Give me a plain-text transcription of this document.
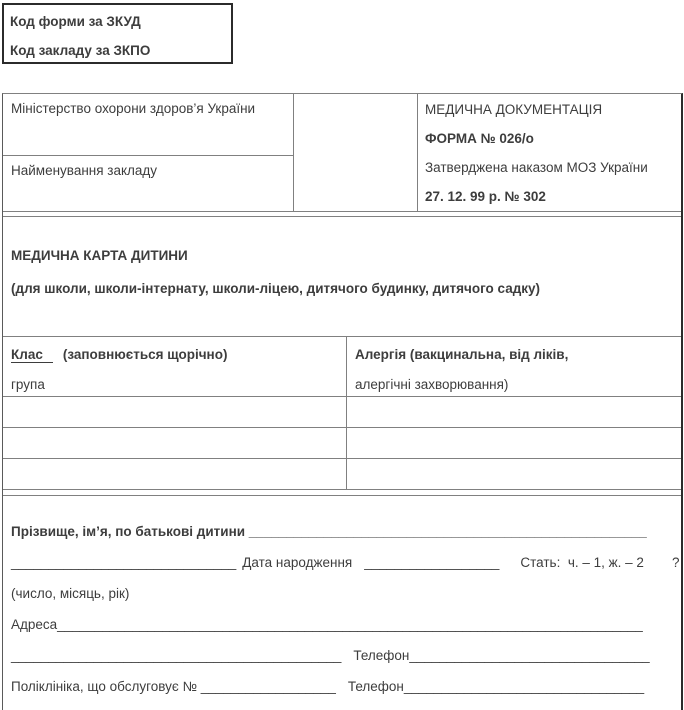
Код форми за ЗКУД
Код закладу за ЗКПО
Міністерство охорони здоров’я України
Найменування закладу
МЕДИЧНА ДОКУМЕНТАЦІЯ
ФОРМА № 026/о
Затверджена наказом МОЗ України
27. 12. 99 р. № 302
МЕДИЧНА КАРТА ДИТИНИ
(для школи, школи-інтернату, школи-ліцею, дитячого будинку, дитячого садку)
Клас (заповнюється щорічно)
група
Алергія (вакцинальна, від ліків,
алергічні захворювання)
Прізвище, ім’я, по батькові дитини _____________________________________________________
______________________________ Дата народження __________________ Стать:  ч. – 1, ж. – 2 ?
(число, місяць, рік)
Адреса______________________________________________________________________________
____________________________________________ Телефон________________________________
Поліклініка, що обслуговує № __________________ Телефон________________________________
